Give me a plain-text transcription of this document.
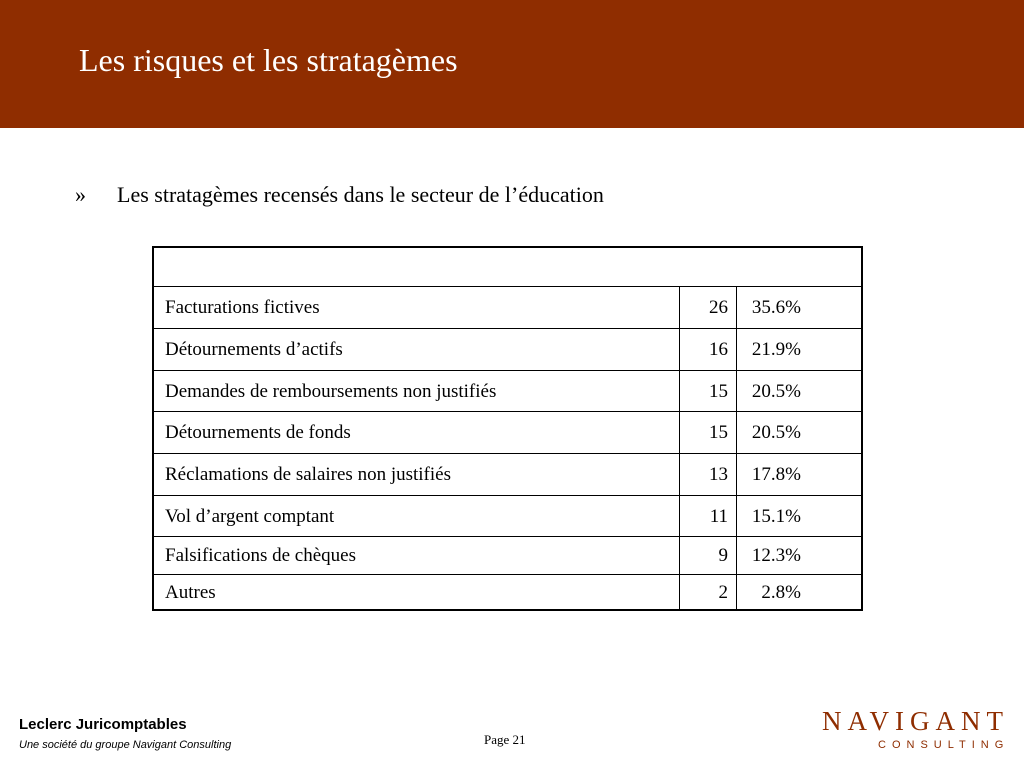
Les risques et les stratagèmes
» Les stratagèmes recensés dans le secteur de l’éducation
Facturations fictives	26	35.6%
Détournements d’actifs	16	21.9%
Demandes de remboursements non justifiés	15	20.5%
Détournements de fonds	15	20.5%
Réclamations de salaires non justifiés	13	17.8%
Vol d’argent comptant	11	15.1%
Falsifications de chèques	9	12.3%
Autres	2	2.8%
Leclerc Juricomptables
Une société du groupe Navigant Consulting	Page 21
NAVIGANT
CONSULTING
